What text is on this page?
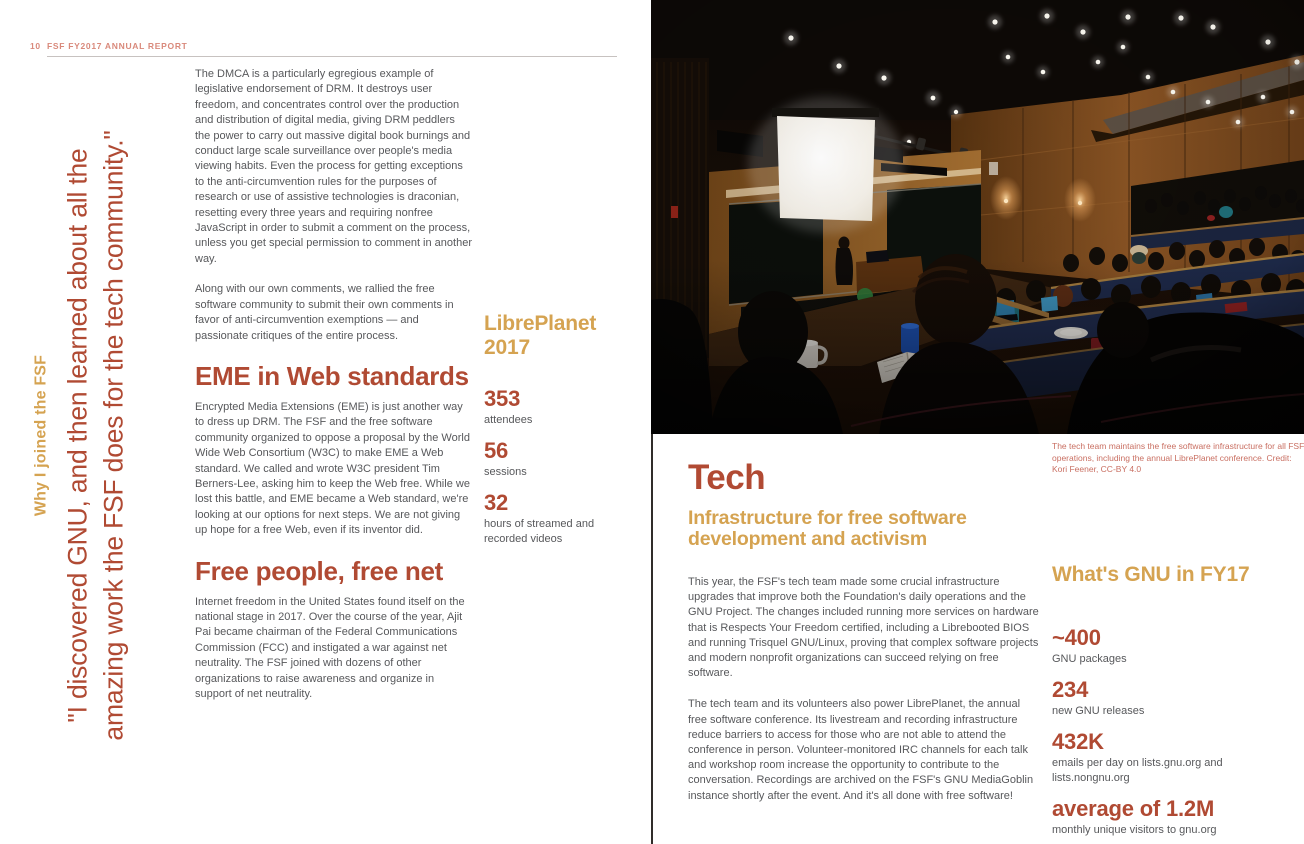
10 FSF FY2017 ANNUAL REPORT
Why I joined the FSF "I discovered GNU, and then learned about all the amazing work the FSF does for the tech community."

The DMCA is a particularly egregious example of legislative endorsement of DRM. It destroys user freedom, and concentrates control over the production and distribution of digital media, giving DRM peddlers the power to carry out massive digital book burnings and conduct large scale surveillance over people's media viewing habits. Even the process for getting exceptions to the anti-circumvention rules for the purposes of research or use of assistive technologies is draconian, resetting every three years and requiring nonfree JavaScript in order to submit a comment on the process, unless you get special permission to comment in another way.

Along with our own comments, we rallied the free software community to submit their own comments in favor of anti-circumvention exemptions — and passionate critiques of the entire process.

EME in Web standards

Encrypted Media Extensions (EME) is just another way to dress up DRM. The FSF and the free software community organized to oppose a proposal by the World Wide Web Consortium (W3C) to make EME a Web standard. We called and wrote W3C president Tim Berners-Lee, asking him to keep the Web free. While we lost this battle, and EME became a Web standard, we're looking at our options for next steps. We are not giving up hope for a free Web, even if its inventor did.

Free people, free net

Internet freedom in the United States found itself on the national stage in 2017. Over the course of the year, Ajit Pai became chairman of the Federal Communications Commission (FCC) and instigated a war against net neutrality. The FSF joined with dozens of other organizations to raise awareness and organize in support of net neutrality.

LibrePlanet 2017
353
attendees
56
sessions
32
hours of streamed and recorded videos
The tech team maintains the free software infrastructure for all FSF operations, including the annual LibrePlanet conference. Credit: Kori Feener, CC-BY 4.0
Tech
Infrastructure for free software development and activism

This year, the FSF's tech team made some crucial infrastructure upgrades that improve both the Foundation's daily operations and the GNU Project. The changes included running more services on hardware that is Respects Your Freedom certified, including a Librebooted BIOS and running Trisquel GNU/Linux, proving that complex software projects and modern nonprofit organizations can succeed relying on free software.

The tech team and its volunteers also power LibrePlanet, the annual free software conference. Its livestream and recording infrastructure reduce barriers to access for those who are not able to attend the conference in person. Volunteer-monitored IRC channels for each talk and workshop room increase the opportunity to contribute to the conversation. Recordings are archived on the FSF's GNU MediaGoblin instance shortly after the event. And it's all done with free software!

What's GNU in FY17
~400
GNU packages
234
new GNU releases
432K
emails per day on lists.gnu.org and lists.nongnu.org
average of 1.2M
monthly unique visitors to gnu.org
